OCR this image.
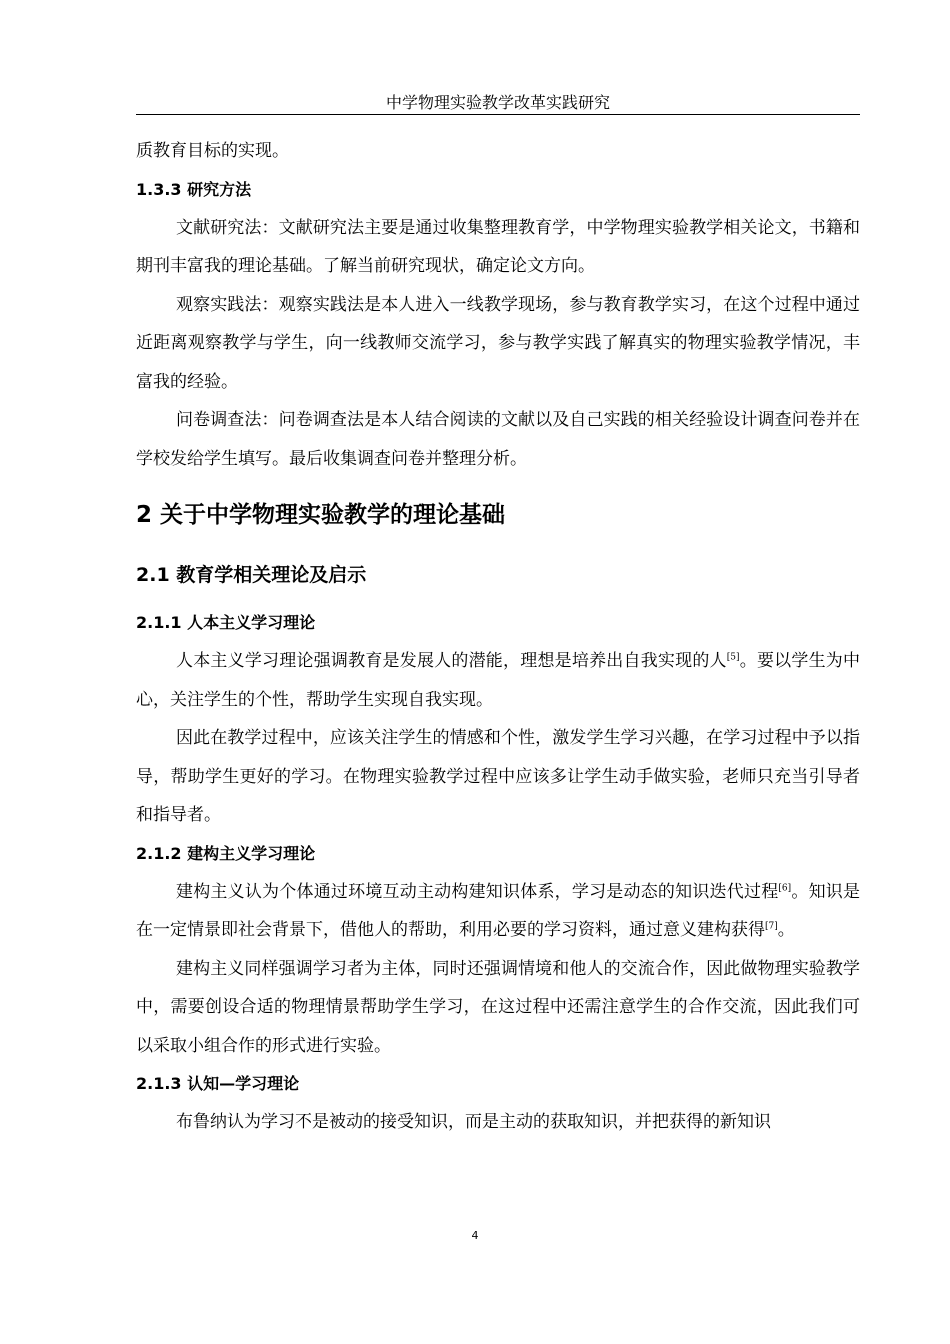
中学物理实验教学改革实践研究

质教育目标的实现。

1.3.3 研究方法

文献研究法：文献研究法主要是通过收集整理教育学，中学物理实验教学相关论文，书籍和期刊丰富我的理论基础。了解当前研究现状，确定论文方向。

观察实践法：观察实践法是本人进入一线教学现场，参与教育教学实习，在这个过程中通过近距离观察教学与学生，向一线教师交流学习，参与教学实践了解真实的物理实验教学情况，丰富我的经验。

问卷调查法：问卷调查法是本人结合阅读的文献以及自己实践的相关经验设计调查问卷并在学校发给学生填写。最后收集调查问卷并整理分析。

2 关于中学物理实验教学的理论基础
2.1 教育学相关理论及启示
2.1.1 人本主义学习理论

人本主义学习理论强调教育是发展人的潜能，理想是培养出自我实现的人[5]。要以学生为中心，关注学生的个性，帮助学生实现自我实现。

因此在教学过程中，应该关注学生的情感和个性，激发学生学习兴趣，在学习过程中予以指导，帮助学生更好的学习。在物理实验教学过程中应该多让学生动手做实验，老师只充当引导者和指导者。

2.1.2 建构主义学习理论

建构主义认为个体通过环境互动主动构建知识体系，学习是动态的知识迭代过程[6]。知识是在一定情景即社会背景下，借他人的帮助，利用必要的学习资料，通过意义建构获得[7]。

建构主义同样强调学习者为主体，同时还强调情境和他人的交流合作，因此做物理实验教学中，需要创设合适的物理情景帮助学生学习，在这过程中还需注意学生的合作交流，因此我们可以采取小组合作的形式进行实验。

2.1.3 认知—学习理论

布鲁纳认为学习不是被动的接受知识，而是主动的获取知识，并把获得的新知识

4
